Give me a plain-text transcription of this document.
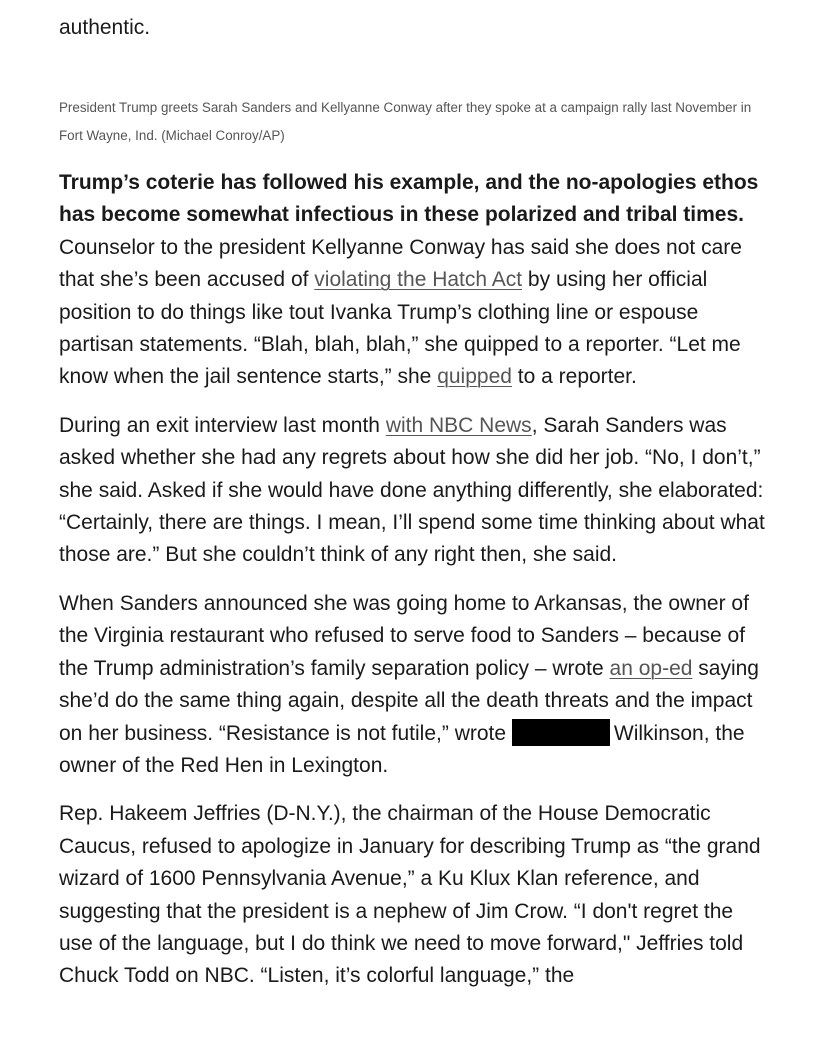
authentic.

President Trump greets Sarah Sanders and Kellyanne Conway after they spoke at a campaign rally last November in Fort Wayne, Ind. (Michael Conroy/AP)

Trump’s coterie has followed his example, and the no-apologies ethos has become somewhat infectious in these polarized and tribal times. Counselor to the president Kellyanne Conway has said she does not care that she’s been accused of violating the Hatch Act by using her official position to do things like tout Ivanka Trump’s clothing line or espouse partisan statements. “Blah, blah, blah,” she quipped to a reporter. “Let me know when the jail sentence starts,” she quipped to a reporter.

During an exit interview last month with NBC News, Sarah Sanders was asked whether she had any regrets about how she did her job. “No, I don’t,” she said. Asked if she would have done anything differently, she elaborated: “Certainly, there are things. I mean, I’ll spend some time thinking about what those are.” But she couldn’t think of any right then, she said.

When Sanders announced she was going home to Arkansas, the owner of the Virginia restaurant who refused to serve food to Sanders – because of the Trump administration’s family separation policy – wrote an op-ed saying she’d do the same thing again, despite all the death threats and the impact on her business. “Resistance is not futile,” wrote	Wilkinson, the owner of the Red Hen in Lexington.

Rep. Hakeem Jeffries (D-N.Y.), the chairman of the House Democratic Caucus, refused to apologize in January for describing Trump as “the grand wizard of 1600 Pennsylvania Avenue,” a Ku Klux Klan reference, and suggesting that the president is a nephew of Jim Crow. “I don't regret the use of the language, but I do think we need to move forward," Jeffries told Chuck Todd on NBC. “Listen, it’s colorful language,” the
